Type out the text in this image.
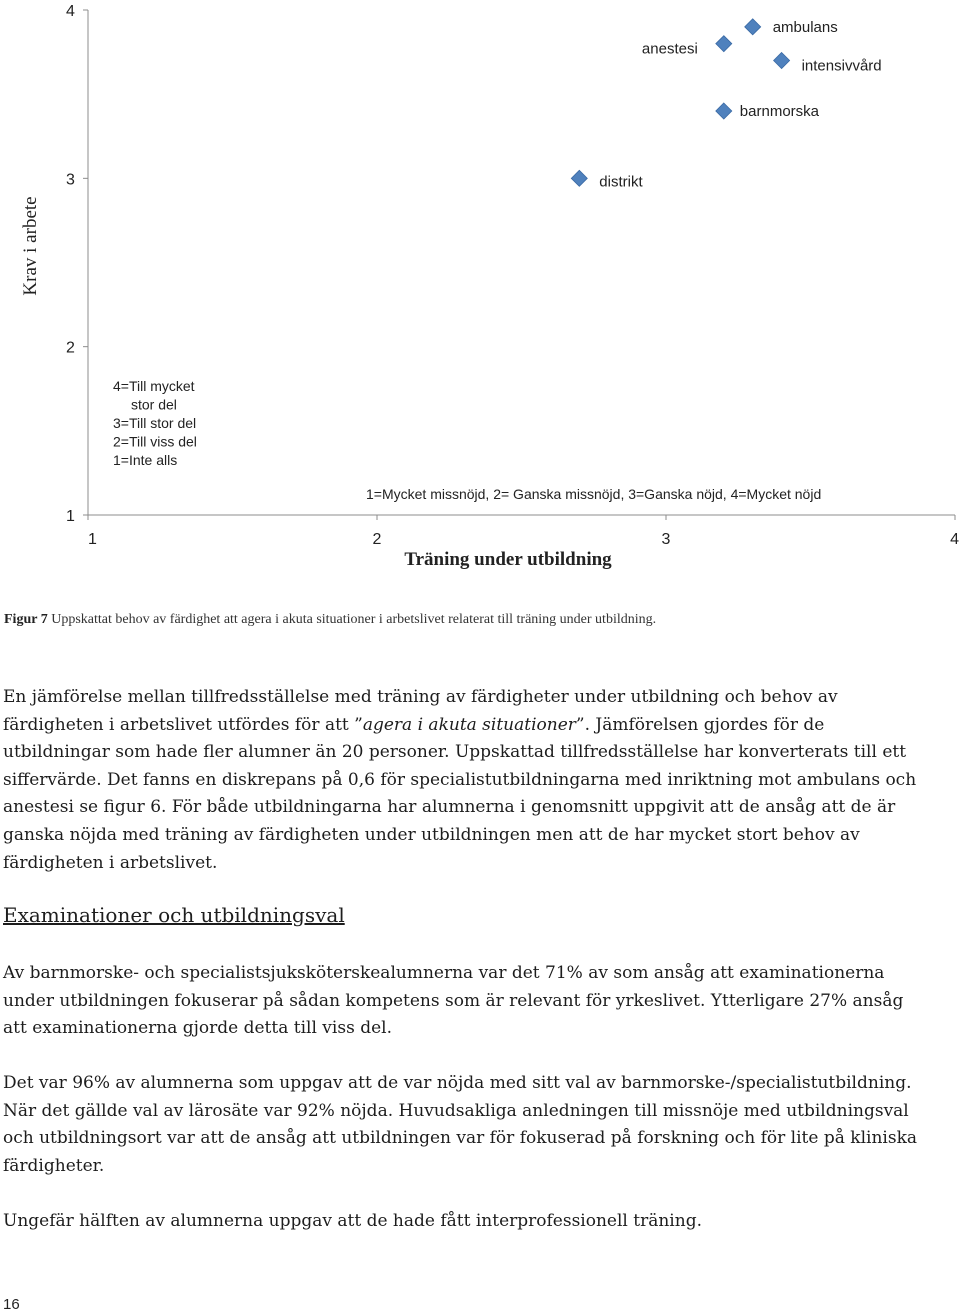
1
2
3
4
1	2	3	4
ambulans
anestesi
intensivvård
barnmorska
distrikt
Krav i arbete
Träning under utbildning
4=Till mycket
stor del
3=Till stor del
2=Till viss del
1=Inte alls
1=Mycket missnöjd, 2= Ganska missnöjd, 3=Ganska nöjd, 4=Mycket nöjd
Figur 7 Uppskattat behov av färdighet att agera i akuta situationer i arbetslivet relaterat till träning under utbildning.

En jämförelse mellan tillfredsställelse med träning av färdigheter under utbildning och behov av färdigheten i arbetslivet utfördes för att ”agera i akuta situationer”. Jämförelsen gjordes för de utbildningar som hade fler alumner än 20 personer. Uppskattad tillfredsställelse har konverterats till ett siffervärde. Det fanns en diskrepans på 0,6 för specialistutbildningarna med inriktning mot ambulans och anestesi se figur 6. För både utbildningarna har alumnerna i genomsnitt uppgivit att de ansåg att de är ganska nöjda med träning av färdigheten under utbildningen men att de har mycket stort behov av färdigheten i arbetslivet.

Examinationer och utbildningsval

Av barnmorske- och specialistsjuksköterskealumnerna var det 71% av som ansåg att examinationerna under utbildningen fokuserar på sådan kompetens som är relevant för yrkeslivet. Ytterligare 27% ansåg att examinationerna gjorde detta till viss del.

Det var 96% av alumnerna som uppgav att de var nöjda med sitt val av barnmorske-/specialistutbildning. När det gällde val av lärosäte var 92% nöjda. Huvudsakliga anledningen till missnöje med utbildningsval och utbildningsort var att de ansåg att utbildningen var för fokuserad på forskning och för lite på kliniska färdigheter.

Ungefär hälften av alumnerna uppgav att de hade fått interprofessionell träning.

16
